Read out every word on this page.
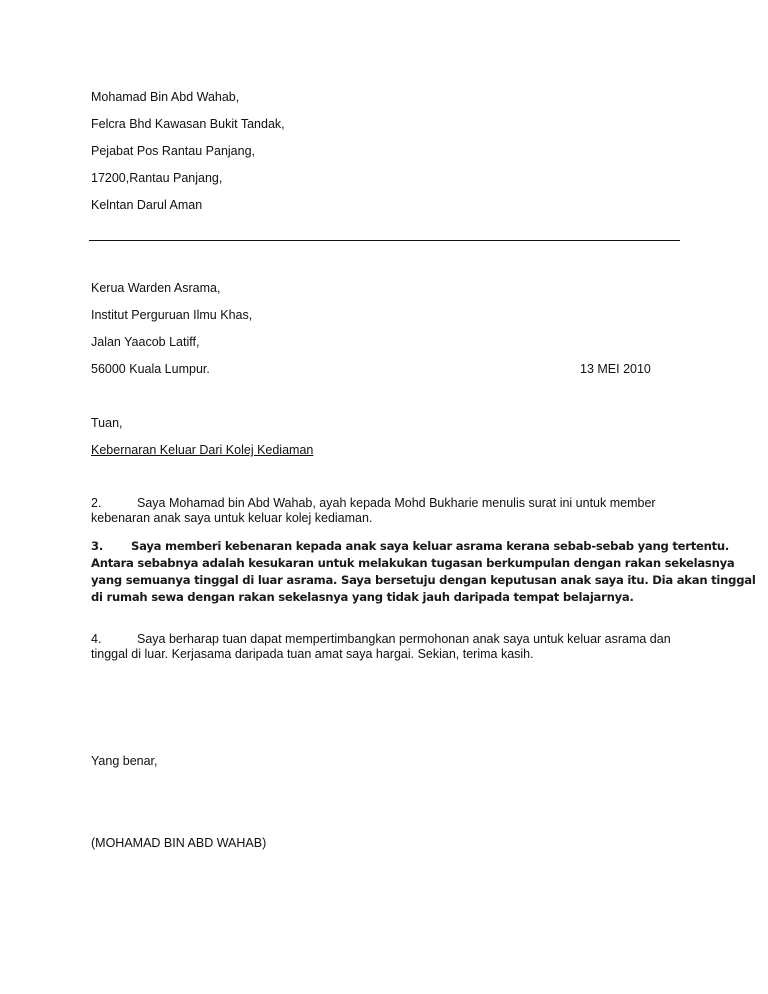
Mohamad Bin Abd Wahab,
Felcra Bhd Kawasan Bukit Tandak,
Pejabat Pos Rantau Panjang,
17200,Rantau Panjang,
Kelntan Darul Aman
Kerua Warden Asrama,
Institut Perguruan Ilmu Khas,
Jalan Yaacob Latiff,
56000 Kuala Lumpur.	13 MEI 2010
Tuan,
Kebernaran Keluar Dari Kolej Kediaman
2.	Saya Mohamad bin Abd Wahab, ayah kepada Mohd Bukharie menulis surat ini untuk member
kebenaran anak saya untuk keluar kolej kediaman.
3. Saya memberi kebenaran kepada anak saya keluar asrama kerana sebab-sebab yang tertentu.
Antara sebabnya adalah kesukaran untuk melakukan tugasan berkumpulan dengan rakan sekelasnya
yang semuanya tinggal di luar asrama. Saya bersetuju dengan keputusan anak saya itu. Dia akan tinggal
di rumah sewa dengan rakan sekelasnya yang tidak jauh daripada tempat belajarnya.
4.	Saya berharap tuan dapat mempertimbangkan permohonan anak saya untuk keluar asrama dan
tinggal di luar. Kerjasama daripada tuan amat saya hargai. Sekian, terima kasih.
Yang benar,
(MOHAMAD BIN ABD WAHAB)
